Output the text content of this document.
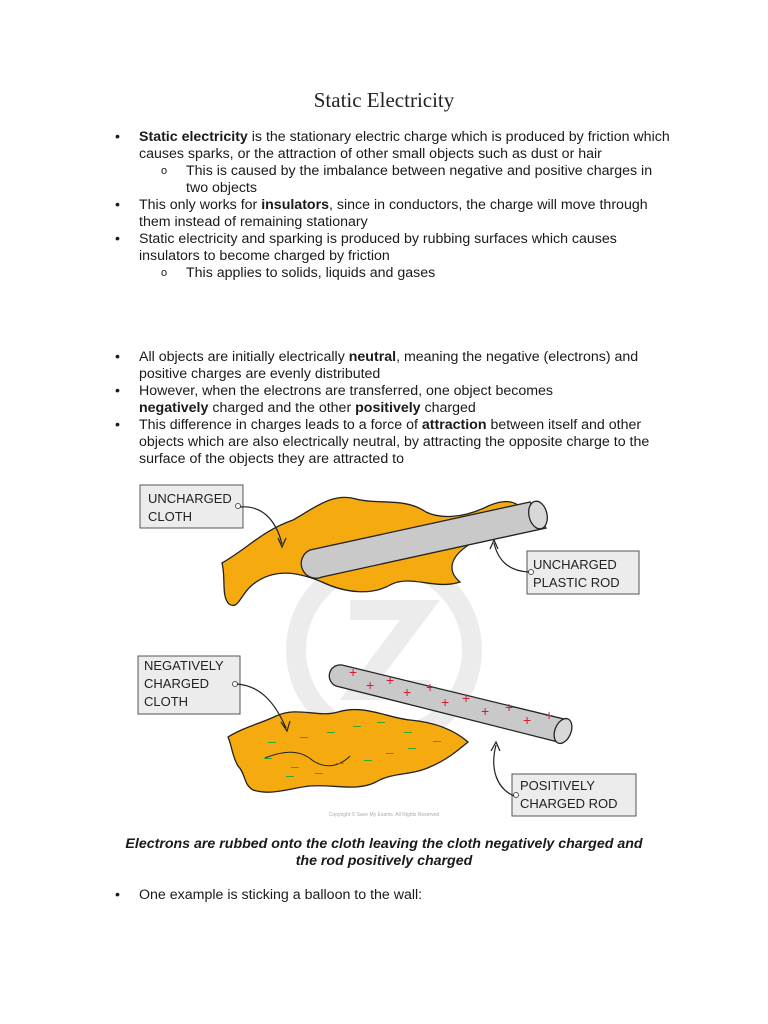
Static Electricity

• Static electricity is the stationary electric charge which is produced by friction which causes sparks, or the attraction of other small objects such as dust or hair

o This is caused by the imbalance between negative and positive charges in two objects

• This only works for insulators, since in conductors, the charge will move through them instead of remaining stationary

• Static electricity and sparking is produced by rubbing surfaces which causes insulators to become charged by friction

o This applies to solids, liquids and gases

• All objects are initially electrically neutral, meaning the negative (electrons) and positive charges are evenly distributed

• However, when the electrons are transferred, one object becomes negatively charged and the other positively charged

• This difference in charges leads to a force of attraction between itself and other objects which are also electrically neutral, by attracting the opposite charge to the surface of the objects they are attracted to

UNCHARGED
CLOTH
UNCHARGED
PLASTIC ROD
– – – – –
–
–
–	– – – – –
– –
+
+ +
+ +
+ +
+ +
+ +
NEGATIVELY
CHARGED
CLOTH
POSITIVELY
CHARGED ROD
Copyright © Save My Exams. All Rights Reserved
Electrons are rubbed onto the cloth leaving the cloth negatively charged and
the rod positively charged

• One example is sticking a balloon to the wall:
